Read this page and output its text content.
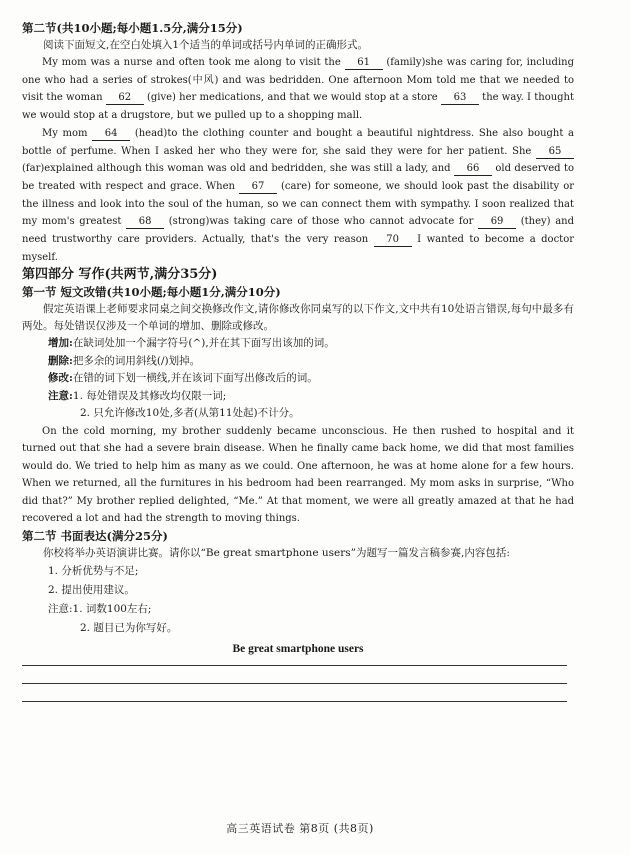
第二节(共10小题;每小题1.5分,满分15分)
阅读下面短文,在空白处填入1个适当的单词或括号内单词的正确形式。

My mom was a nurse and often took me along to visit the 61 (family)she was caring for, including one who had a series of strokes(中风) and was bedridden. One afternoon Mom told me that we needed to visit the woman 62 (give) her medications, and that we would stop at a store 63 the way. I thought we would stop at a drugstore, but we pulled up to a shopping mall.

My mom 64 (head)to the clothing counter and bought a beautiful nightdress. She also bought a bottle of perfume. When I asked her who they were for, she said they were for her patient. She 65 (far)explained although this woman was old and bedridden, she was still a lady, and 66 old deserved to be treated with respect and grace. When 67 (care) for someone, we should look past the disability or the illness and look into the soul of the human, so we can connect them with sympathy. I soon realized that my mom's greatest 68 (strong)was taking care of those who cannot advocate for 69 (they) and need trustworthy care providers. Actually, that's the very reason 70 I wanted to become a doctor myself.

第四部分 写作(共两节,满分35分)
第一节 短文改错(共10小题;每小题1分,满分10分)
假定英语课上老师要求同桌之间交换修改作文,请你修改你同桌写的以下作文,文中共有10处语言错误,每句中最多有两处。每处错误仅涉及一个单词的增加、删除或修改。
增加:在缺词处加一个漏字符号(^),并在其下面写出该加的词。
删除:把多余的词用斜线(/)划掉。
修改:在错的词下划一横线,并在该词下面写出修改后的词。
注意:1. 每处错误及其修改均仅限一词;
2. 只允许修改10处,多者(从第11处起)不计分。

On the cold morning, my brother suddenly became unconscious. He then rushed to hospital and it turned out that she had a severe brain disease. When he finally came back home, we did that most families would do. We tried to help him as many as we could. One afternoon, he was at home alone for a few hours. When we returned, all the furnitures in his bedroom had been rearranged. My mom asks in surprise, “Who did that?” My brother replied delighted, “Me.” At that moment, we were all greatly amazed at that he had recovered a lot and had the strength to moving things.

第二节 书面表达(满分25分)
你校将举办英语演讲比赛。请你以“Be great smartphone users”为题写一篇发言稿参赛,内容包括:
1. 分析优势与不足;
2. 提出使用建议。
注意:1. 词数100左右;
2. 题目已为你写好。
Be great smartphone users
高三英语试卷 第8页 (共8页)
